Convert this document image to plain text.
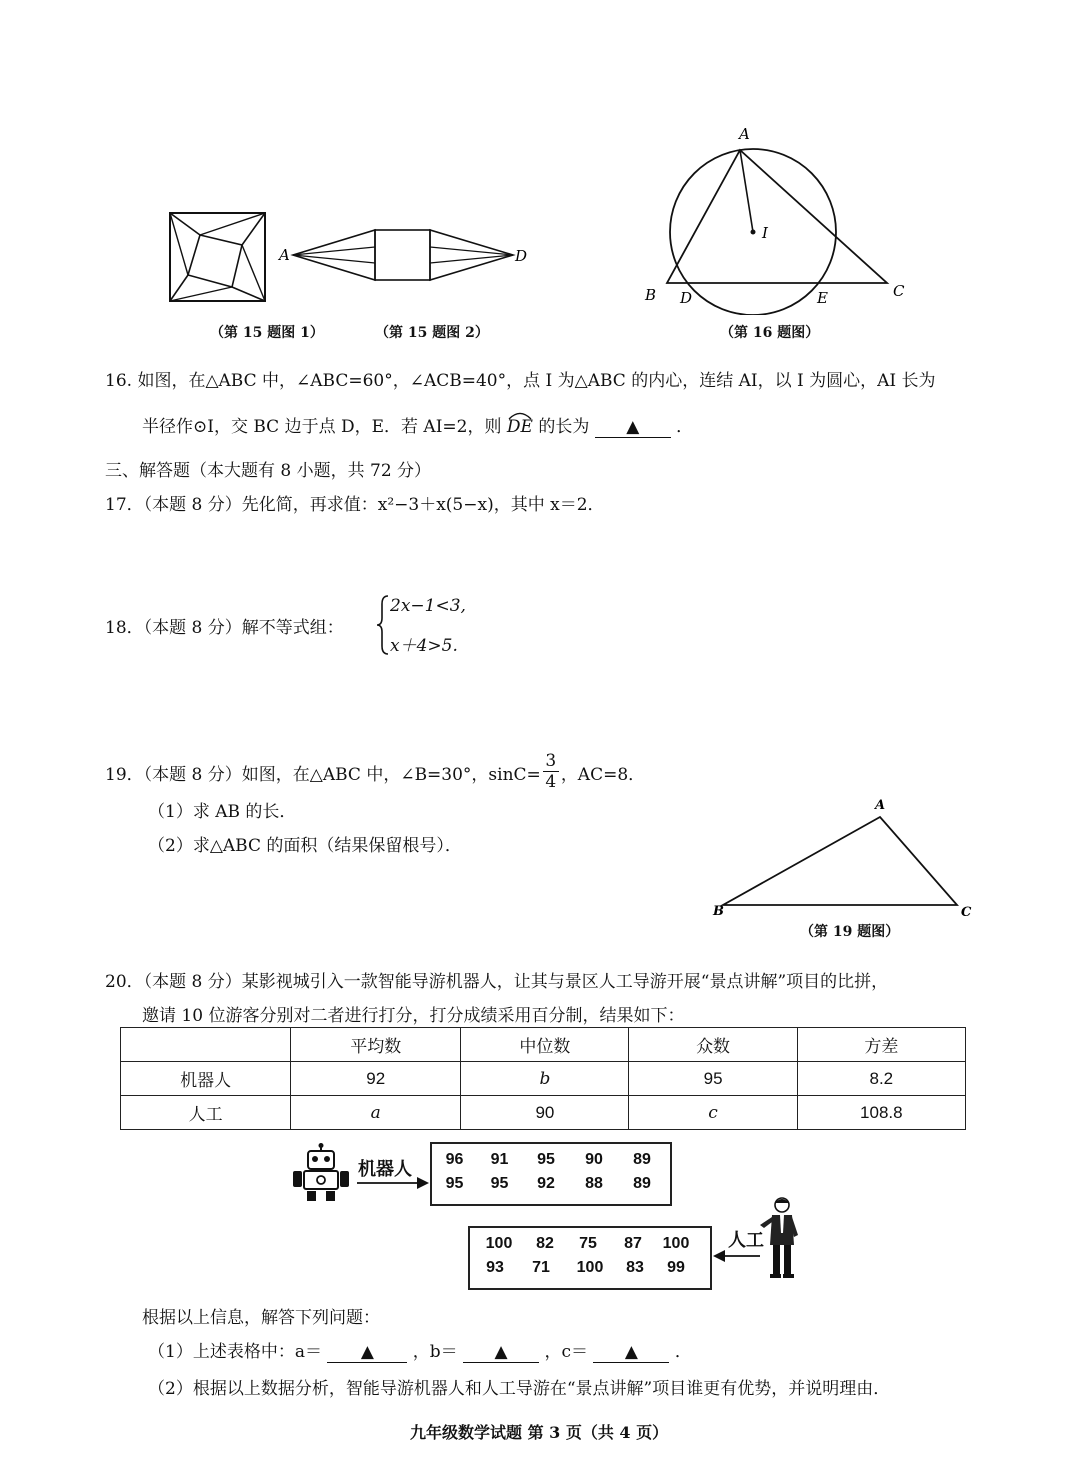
（第 15 题图 1）
A	D
（第 15 题图 2）
A
I
B D	E	C
（第 16 题图）
16. 如图，在△ABC 中，∠ABC=60°，∠ACB=40°，点 I 为△ABC 的内心，连结 AI，以 I 为圆心，AI 长为
半径作⊙I，交 BC 边于点 D，E．若 AI=2，则 DE 的长为 ▲ ．
三、解答题（本大题有 8 小题，共 72 分）
17．（本题 8 分）先化简，再求值：x²−3＋x(5−x)，其中 x＝2．
18．（本题 8 分）解不等式组：
2x−1<3,
x＋4>5.
19．（本题 8 分）如图，在△ABC 中，∠B=30°，sinC=
3
4 ，AC=8．
（1）求 AB 的长．
（2）求△ABC 的面积（结果保留根号）．
A
B	C
（第 19 题图）
20．（本题 8 分）某影视城引入一款智能导游机器人，让其与景区人工导游开展“景点讲解”项目的比拼，
邀请 10 位游客分别对二者进行打分，打分成绩采用百分制，结果如下：
	平均数	中位数	众数	方差
机器人	92	b	95	8.2
人工	a	90	c	108.8
机器人	96	91	95	90	89
95	95	92	88	89
100	82	75	87	100
93	71	100	83	99
人工
根据以上信息，解答下列问题：
（1）上述表格中：a＝ ▲ ，b＝ ▲ ，c＝ ▲ ．
（2）根据以上数据分析，智能导游机器人和人工导游在“景点讲解”项目谁更有优势，并说明理由．
九年级数学试题 第 3 页（共 4 页）
